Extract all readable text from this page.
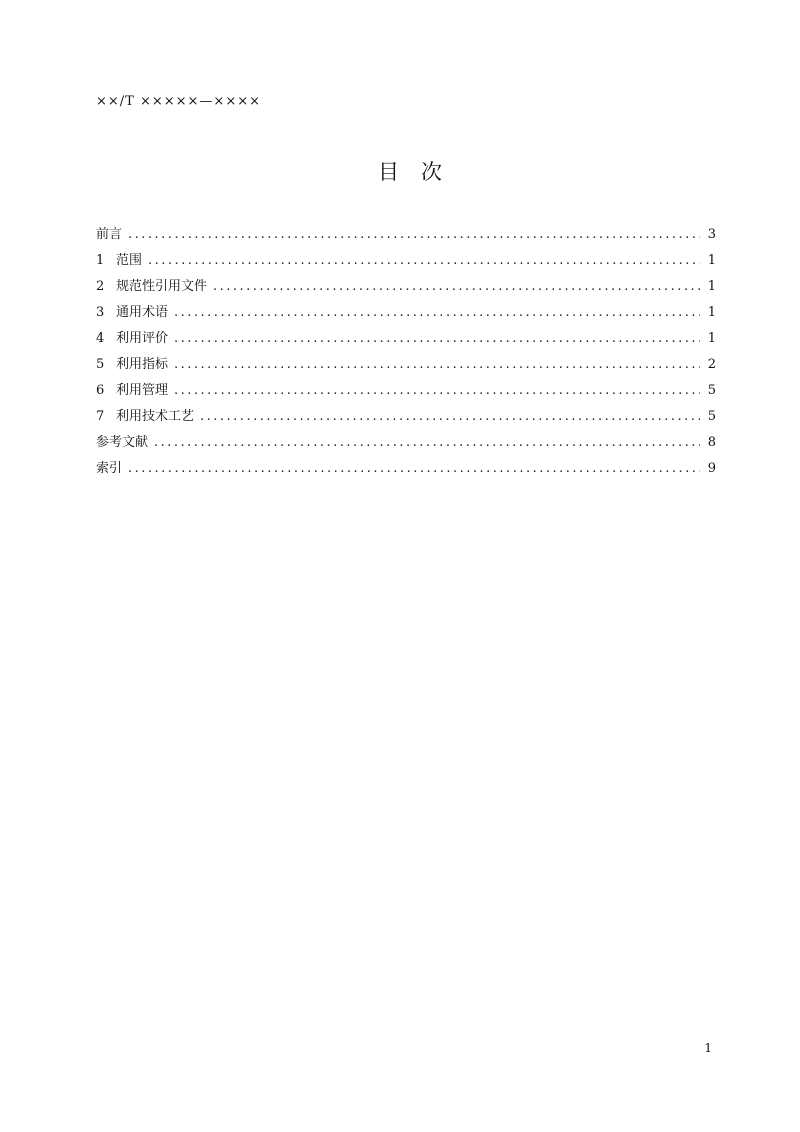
××/T ×××××—××××
目 次
前言 .....	3
1 范围 .....	1
2 规范性引用文件 .....	1
3 通用术语 .....	1
4 利用评价 .....	1
5 利用指标 .....	2
6 利用管理 .....	5
7 利用技术工艺 .....	5
参考文献 .....	8
索引 .....	9
1
